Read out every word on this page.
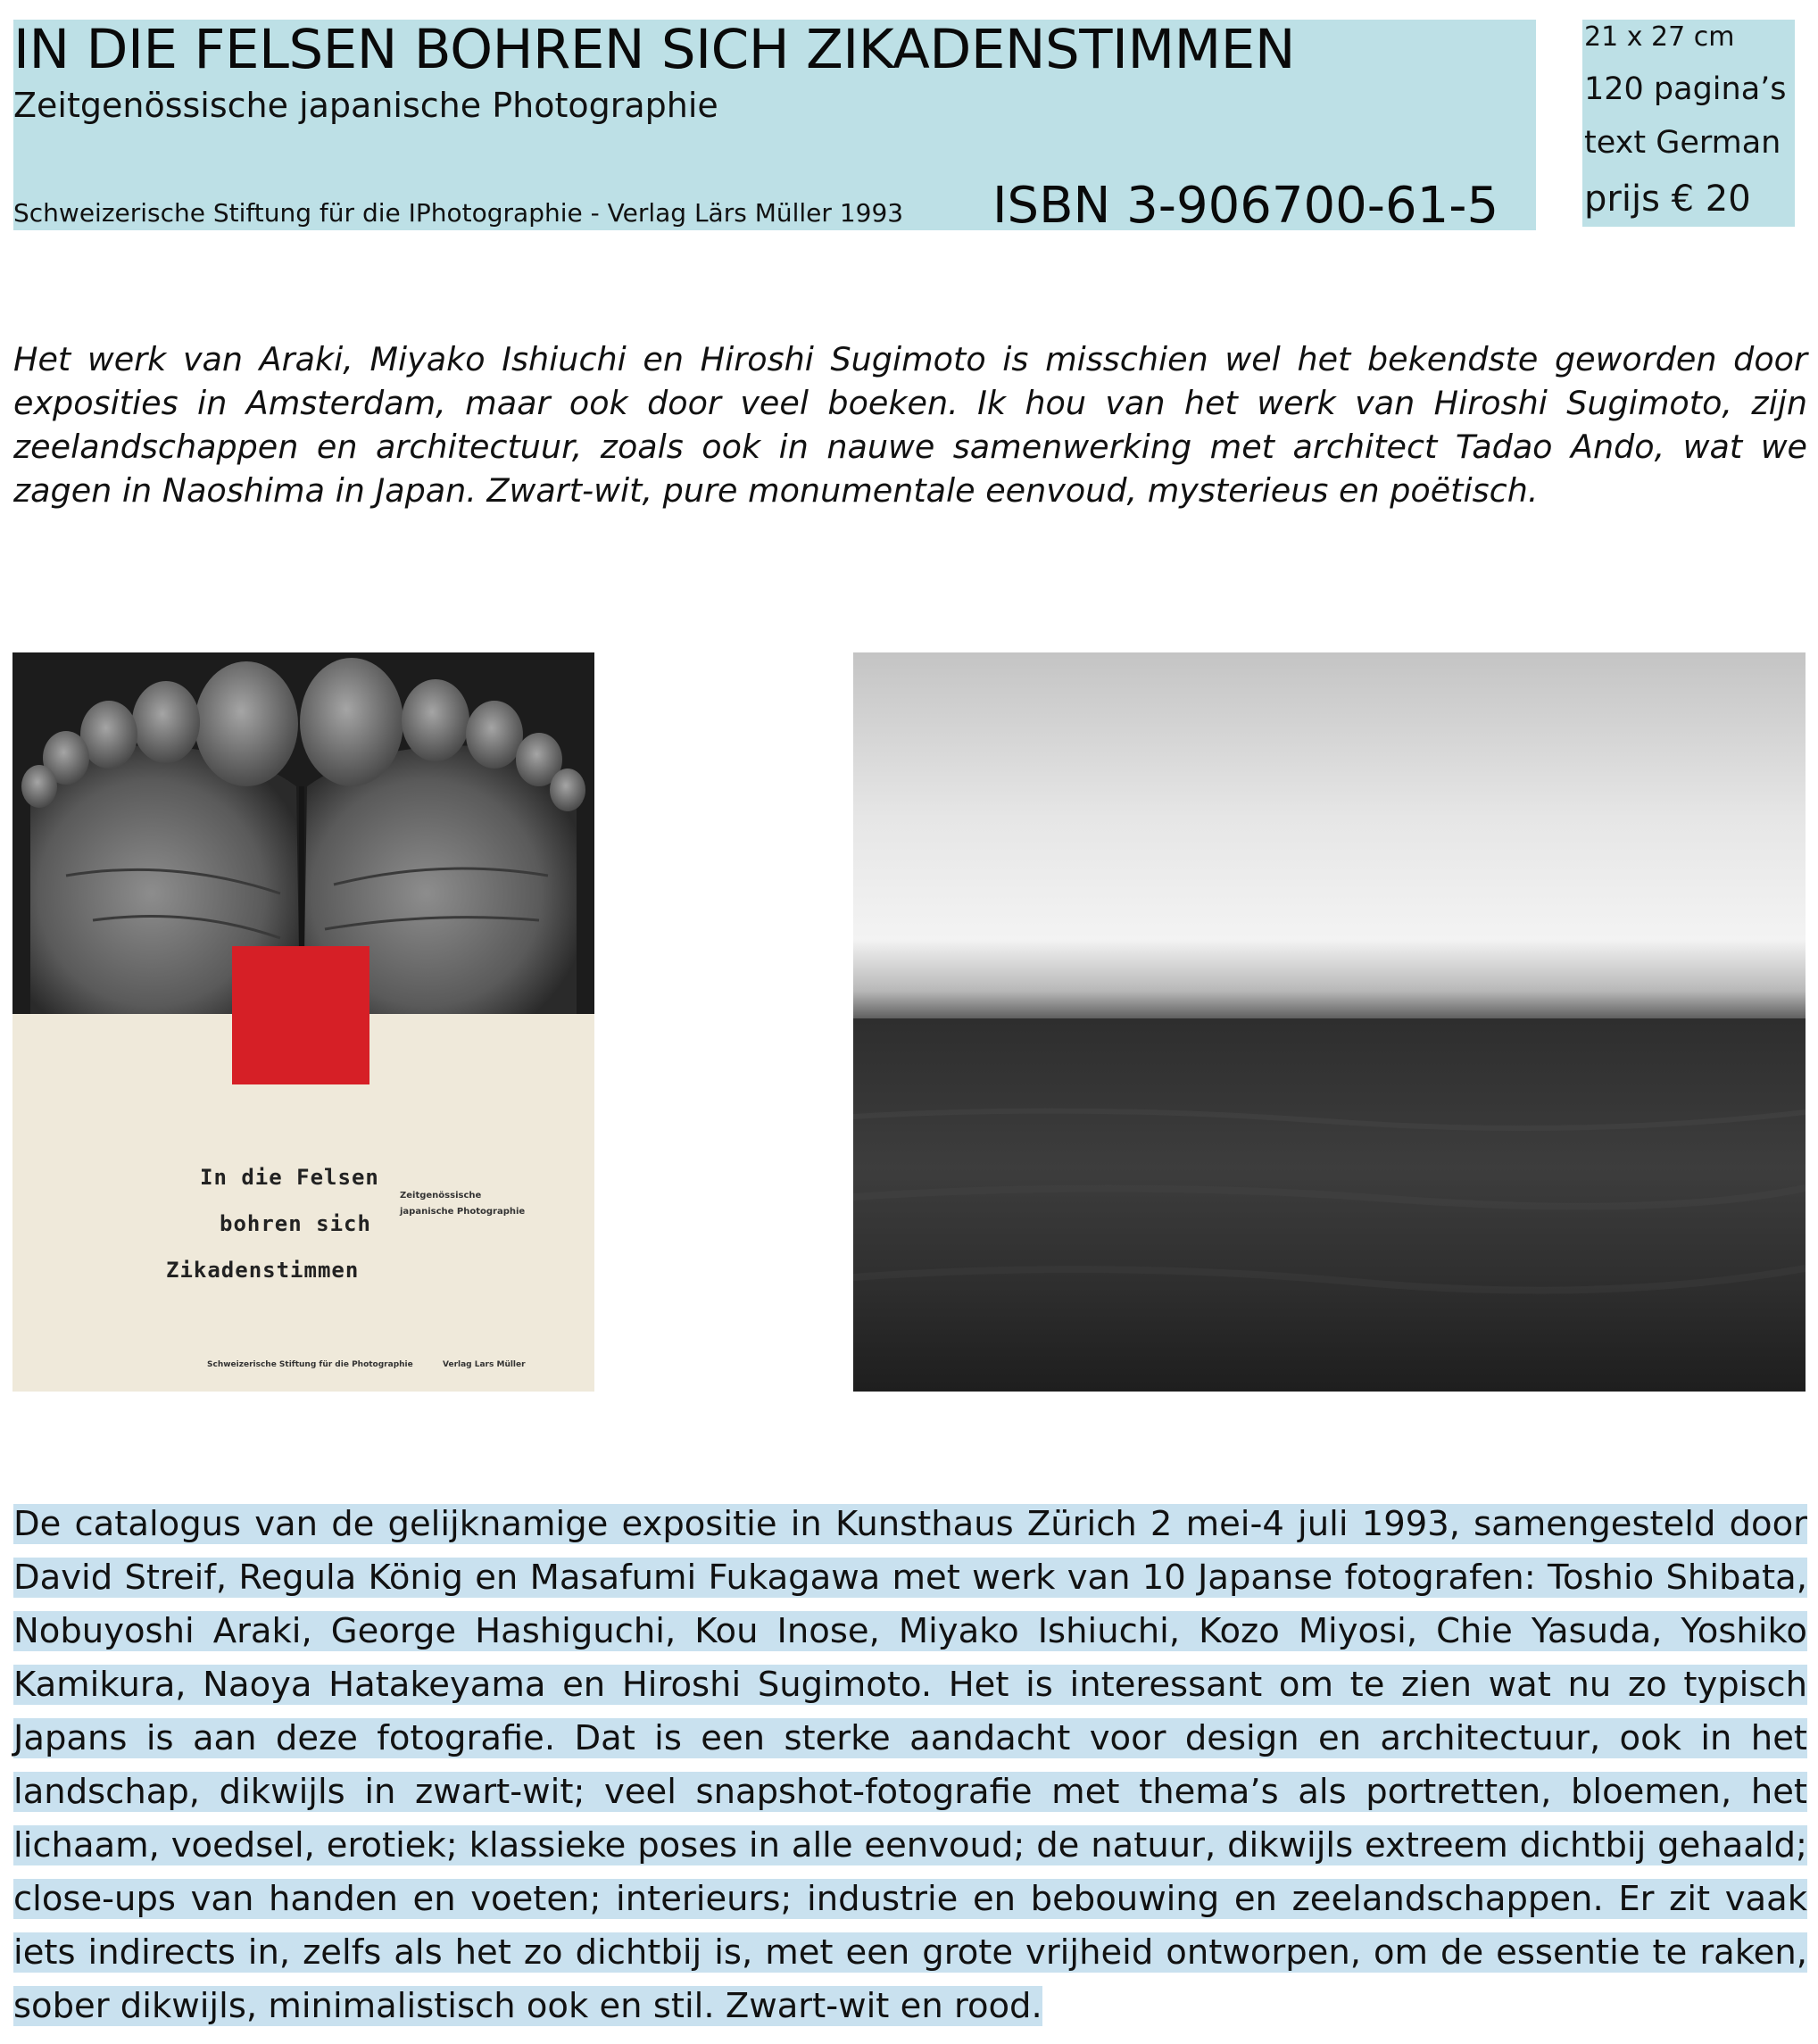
IN DIE FELSEN BOHREN SICH ZIKADENSTIMMEN
Zeitgenössische japanische Photographie
Schweizerische Stiftung für die IPhotographie - Verlag Lärs Müller 1993 ISBN 3-906700-61-5
21 x 27 cm
120 pagina’s
text German
prijs € 20

Het werk van Araki, Miyako Ishiuchi en Hiroshi Sugimoto is misschien wel het bekendste geworden door exposities in Amsterdam, maar ook door veel boeken. Ik hou van het werk van Hiroshi Sugimoto, zijn zeelandschappen en architectuur, zoals ook in nauwe samenwerking met architect Tadao Ando, wat we zagen in Naoshima in Japan. Zwart-wit, pure monumentale eenvoud, mysterieus en poëtisch.

In die Felsen
bohren sich
Zikadenstimmen
Zeitgenössische
japanische Photographie
Schweizerische Stiftung für die Photographie	Verlag Lars Müller

De catalogus van de gelijknamige expositie in Kunsthaus Zürich 2 mei-4 juli 1993, samengesteld door David Streif, Regula König en Masafumi Fukagawa met werk van 10 Japanse fotografen: Toshio Shibata, Nobuyoshi Araki, George Hashiguchi, Kou Inose, Miyako Ishiuchi, Kozo Miyosi, Chie Yasuda, Yoshiko Kamikura, Naoya Hatakeyama en Hiroshi Sugimoto. Het is interessant om te zien wat nu zo typisch Japans is aan deze fotografie. Dat is een sterke aandacht voor design en architectuur, ook in het landschap, dikwijls in zwart-wit; veel snapshot-fotografie met thema’s als portretten, bloemen, het lichaam, voedsel, erotiek; klassieke poses in alle eenvoud; de natuur, dikwijls extreem dichtbij gehaald; close-ups van handen en voeten; interieurs; industrie en bebouwing en zeelandschappen. Er zit vaak iets indirects in, zelfs als het zo dichtbij is, met een grote vrijheid ontworpen, om de essentie te raken, sober dikwijls, minimalistisch ook en stil. Zwart-wit en rood.
